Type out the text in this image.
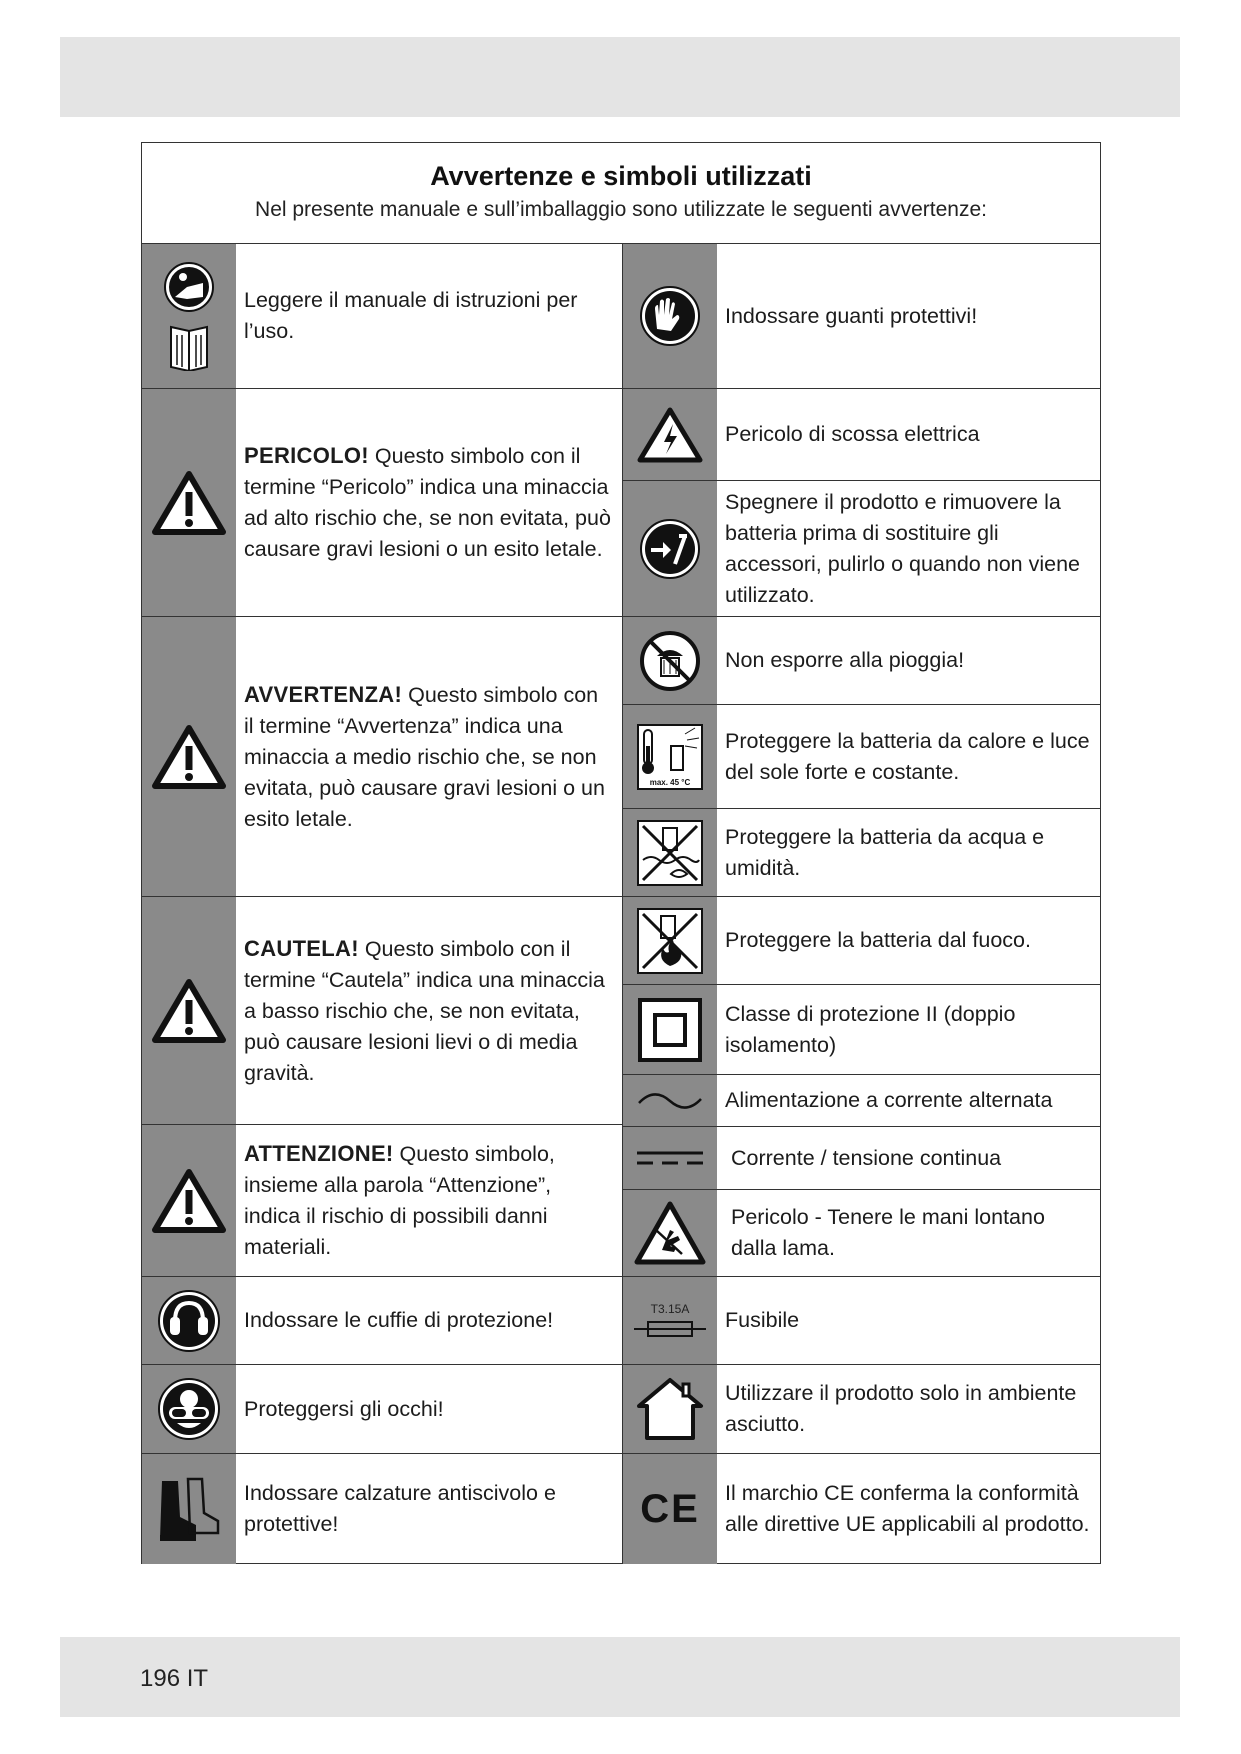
Avvertenze e simboli utilizzati
Nel presente manuale e sull’imballaggio sono utilizzate le seguenti avvertenze:
Leggere il manuale di istruzioni per l’uso.
PERICOLO! Questo simbolo con il termine “Pericolo” indica una minaccia ad alto rischio che, se non evitata, può causare gravi lesioni o un esito letale.
AVVERTENZA! Questo simbolo con il termine “Avvertenza” indica una minaccia a medio rischio che, se non evitata, può causare gravi lesioni o un esito letale.
CAUTELA! Questo simbolo con il termine “Cautela” indica una minaccia a basso rischio che, se non evitata, può causare lesioni lievi o di media gravità.
ATTENZIONE! Questo simbolo, insieme alla parola “Attenzione”, indica il rischio di possibili danni materiali.
Indossare le cuffie di protezione!
Proteggersi gli occhi!
Indossare calzature antiscivolo e protettive!
Indossare guanti protettivi!
Pericolo di scossa elettrica
Spegnere il prodotto e rimuovere la batteria prima di sostituire gli accessori, pulirlo o quando non viene utilizzato.
Non esporre alla pioggia!
max. 45 °C
Proteggere la batteria da calore e luce del sole forte e costante.
Proteggere la batteria da acqua e umidità.
Proteggere la batteria dal fuoco.
Classe di protezione II (doppio isolamento)
Alimentazione a corrente alternata
Corrente / tensione continua
Pericolo - Tenere le mani lontano dalla lama.
T3.15A Fusibile
Utilizzare il prodotto solo in ambiente asciutto.
CE Il marchio CE conferma la conformità alle direttive UE applicabili al prodotto.
196 IT
